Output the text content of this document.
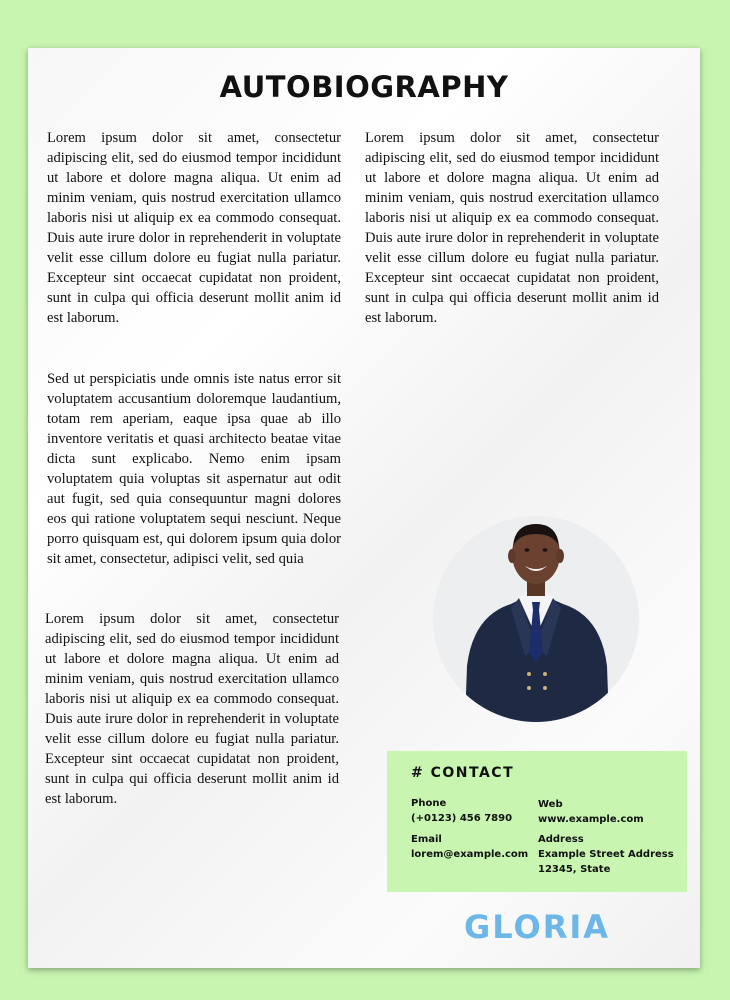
AUTOBIOGRAPHY

Lorem ipsum dolor sit amet, consectetur adipiscing elit, sed do eiusmod tempor incididunt ut labore et dolore magna aliqua. Ut enim ad minim veniam, quis nostrud exercitation ullamco laboris nisi ut aliquip ex ea commodo consequat. Duis aute irure dolor in reprehenderit in voluptate velit esse cillum dolore eu fugiat nulla pariatur. Excepteur sint occaecat cupidatat non proident, sunt in culpa qui officia deserunt mollit anim id est laborum.

Sed ut perspiciatis unde omnis iste natus error sit voluptatem accusantium doloremque laudantium, totam rem aperiam, eaque ipsa quae ab illo inventore veritatis et quasi architecto beatae vitae dicta sunt explicabo. Nemo enim ipsam voluptatem quia voluptas sit aspernatur aut odit aut fugit, sed quia consequuntur magni dolores eos qui ratione voluptatem sequi nesciunt. Neque porro quisquam est, qui dolorem ipsum quia dolor sit amet, consectetur, adipisci velit, sed quia

Lorem ipsum dolor sit amet, consectetur adipiscing elit, sed do eiusmod tempor incididunt ut labore et dolore magna aliqua. Ut enim ad minim veniam, quis nostrud exercitation ullamco laboris nisi ut aliquip ex ea commodo consequat. Duis aute irure dolor in reprehenderit in voluptate velit esse cillum dolore eu fugiat nulla pariatur. Excepteur sint occaecat cupidatat non proident, sunt in culpa qui officia deserunt mollit anim id est laborum.

Lorem ipsum dolor sit amet, consectetur adipiscing elit, sed do eiusmod tempor incididunt ut labore et dolore magna aliqua. Ut enim ad minim veniam, quis nostrud exercitation ullamco laboris nisi ut aliquip ex ea commodo consequat. Duis aute irure dolor in reprehenderit in voluptate velit esse cillum dolore eu fugiat nulla pariatur. Excepteur sint occaecat cupidatat non proident, sunt in culpa qui officia deserunt mollit anim id est laborum.

# CONTACT
Phone
(+0123) 456 7890
Web
www.example.com
Email
lorem@example.com
Address
Example Street Address
12345, State
GLORIA
